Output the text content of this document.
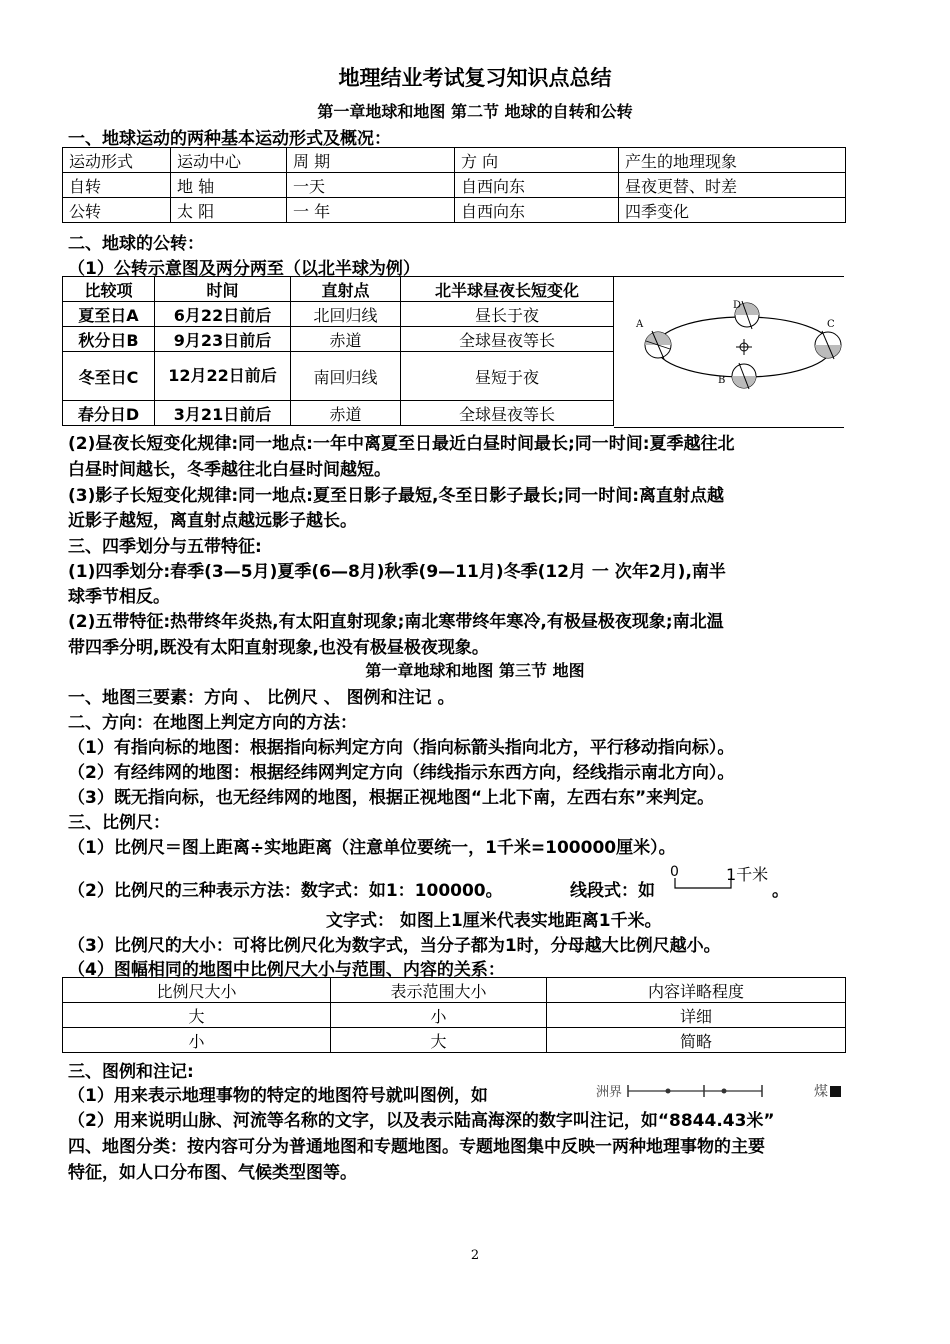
地理结业考试复习知识点总结
第一章地球和地图 第二节 地球的自转和公转
一、地球运动的两种基本运动形式及概况：
运动形式	运动中心	周 期	方 向	产生的地理现象
自转	地 轴	一天	自西向东	昼夜更替、时差
公转	太 阳	一 年	自西向东	四季变化
二、地球的公转：
（1）公转示意图及两分两至（以北半球为例）
比较项	时间	直射点	北半球昼夜长短变化
夏至日A	6月22日前后	北回归线	昼长于夜
秋分日B	9月23日前后	赤道	全球昼夜等长
冬至日C	12月22日前后	南回归线	昼短于夜
春分日D	3月21日前后	赤道	全球昼夜等长
A
D
C
B
(2)昼夜长短变化规律:同一地点:一年中离夏至日最近白昼时间最长;同一时间:夏季越往北
白昼时间越长，冬季越往北白昼时间越短。
(3)影子长短变化规律:同一地点:夏至日影子最短,冬至日影子最长;同一时间:离直射点越
近影子越短，离直射点越远影子越长。
三、四季划分与五带特征:
(1)四季划分:春季(3—5月)夏季(6—8月)秋季(9—11月)冬季(12月 一 次年2月),南半
球季节相反。
(2)五带特征:热带终年炎热,有太阳直射现象;南北寒带终年寒冷,有极昼极夜现象;南北温
带四季分明,既没有太阳直射现象,也没有极昼极夜现象。
第一章地球和地图 第三节 地图
一、地图三要素：方向 、 比例尺 、 图例和注记 。
二、方向：在地图上判定方向的方法：
（1）有指向标的地图：根据指向标判定方向（指向标箭头指向北方，平行移动指向标）。
（2）有经纬网的地图：根据经纬网判定方向（纬线指示东西方向，经线指示南北方向）。
（3）既无指向标，也无经纬网的地图，根据正视地图“上北下南，左西右东”来判定。
三、比例尺：
（1）比例尺＝图上距离÷实地距离（注意单位要统一，1千米=100000厘米）。
（2）比例尺的三种表示方法：数字式：如1：100000。	线段式：如
0	1千米
。
文字式： 如图上1厘米代表实地距离1千米。
（3）比例尺的大小：可将比例尺化为数字式，当分子都为1时，分母越大比例尺越小。
（4）图幅相同的地图中比例尺大小与范围、内容的关系：
比例尺大小	表示范围大小	内容详略程度
大	小	详细
小	大	简略
三、图例和注记:
（1）用来表示地理事物的特定的地图符号就叫图例，如	洲界	煤
（2）用来说明山脉、河流等名称的文字，以及表示陆高海深的数字叫注记，如“8844.43米”
四、地图分类：按内容可分为普通地图和专题地图。专题地图集中反映一两种地理事物的主要
特征，如人口分布图、气候类型图等。
2
